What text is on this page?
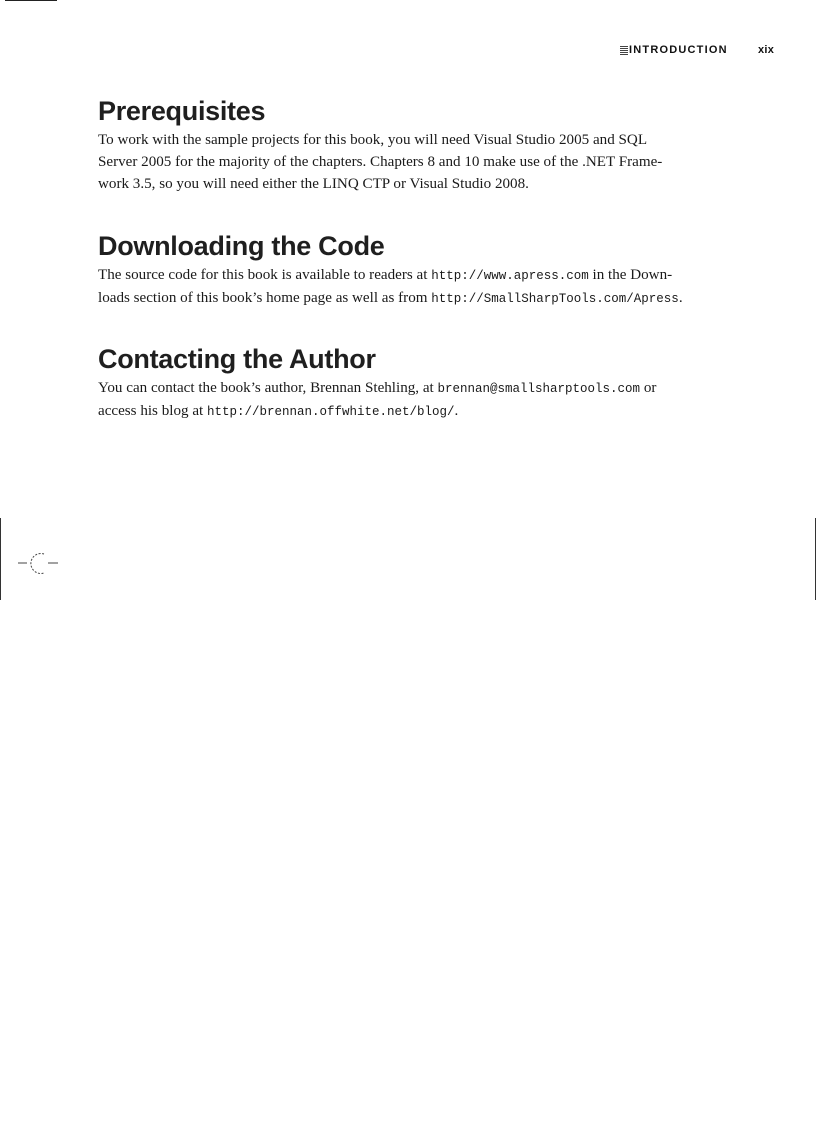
INTRODUCTION	xix
Prerequisites

To work with the sample projects for this book, you will need Visual Studio 2005 and SQL
Server 2005 for the majority of the chapters. Chapters 8 and 10 make use of the .NET Frame-
work 3.5, so you will need either the LINQ CTP or Visual Studio 2008.

Downloading the Code

The source code for this book is available to readers at http://www.apress.com in the Down-
loads section of this book’s home page as well as from http://SmallSharpTools.com/Apress.

Contacting the Author

You can contact the book’s author, Brennan Stehling, at brennan@smallsharptools.com or
access his blog at http://brennan.offwhite.net/blog/.
